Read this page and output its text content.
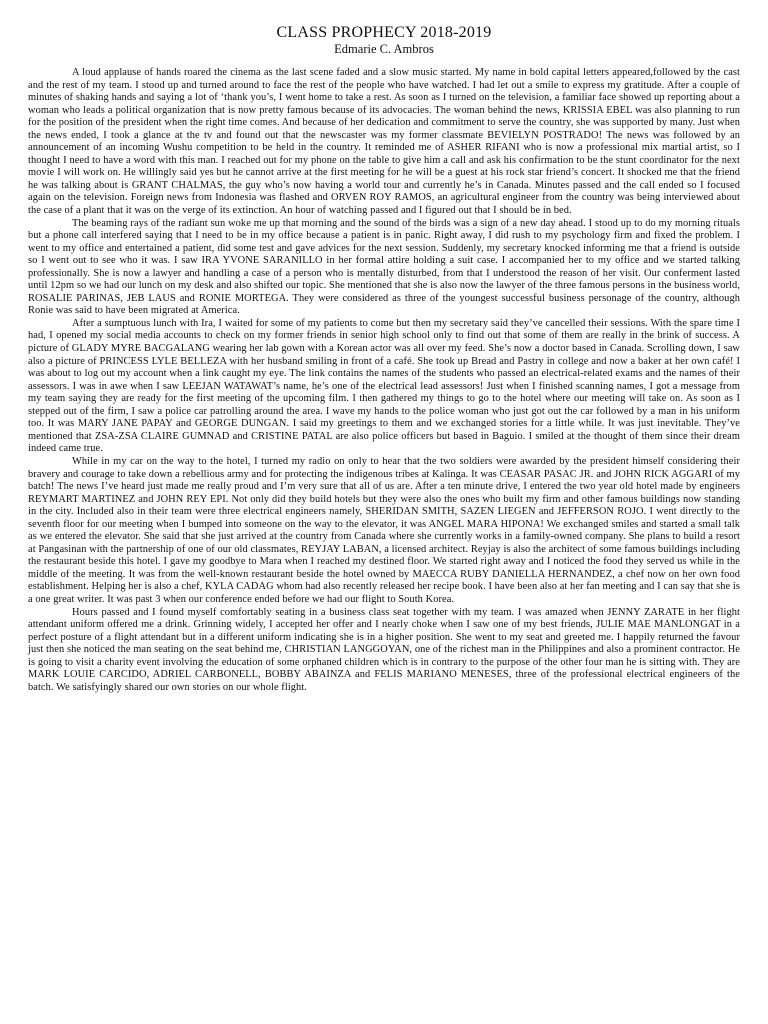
CLASS PROPHECY 2018-2019
Edmarie C. Ambros

A loud applause of hands roared the cinema as the last scene faded and a slow music started. My name in bold capital letters appeared,followed by the cast and the rest of my team. I stood up and turned around to face the rest of the people who have watched. I had let out a smile to express my gratitude. After a couple of minutes of shaking hands and saying a lot of ‘thank you’s, I went home to take a rest. As soon as I turned on the television, a familiar face showed up reporting about a woman who leads a political organization that is now pretty famous because of its advocacies. The woman behind the news, KRISSIA EBEL was also planning to run for the position of the president when the right time comes. And because of her dedication and commitment to serve the country, she was supported by many. Just when the news ended, I took a glance at the tv and found out that the newscaster was my former classmate BEVIELYN POSTRADO! The news was followed by an announcement of an incoming Wushu competition to be held in the country. It reminded me of ASHER RIFANI who is now a professional mix martial artist, so I thought I need to have a word with this man. I reached out for my phone on the table to give him a call and ask his confirmation to be the stunt coordinator for the next movie I will work on. He willingly said yes but he cannot arrive at the first meeting for he will be a guest at his rock star friend’s concert. It shocked me that the friend he was talking about is GRANT CHALMAS, the guy who’s now having a world tour and currently he’s in Canada. Minutes passed and the call ended so I focused again on the television. Foreign news from Indonesia was flashed and ORVEN ROY RAMOS, an agricultural engineer from the country was being interviewed about the case of a plant that it was on the verge of its extinction. An hour of watching passed and I figured out that I should be in bed.

The beaming rays of the radiant sun woke me up that morning and the sound of the birds was a sign of a new day ahead. I stood up to do my morning rituals but a phone call interfered saying that I need to be in my office because a patient is in panic. Right away, I did rush to my psychology firm and fixed the problem. I went to my office and entertained a patient, did some test and gave advices for the next session. Suddenly, my secretary knocked informing me that a friend is outside so I went out to see who it was. I saw IRA YVONE SARANILLO in her formal attire holding a suit case. I accompanied her to my office and we started talking professionally. She is now a lawyer and handling a case of a person who is mentally disturbed, from that I understood the reason of her visit. Our conferment lasted until 12pm so we had our lunch on my desk and also shifted our topic. She mentioned that she is also now the lawyer of the three famous persons in the business world, ROSALIE PARINAS, JEB LAUS and RONIE MORTEGA. They were considered as three of the youngest successful business personage of the country, although Ronie was said to have been migrated at America.

After a sumptuous lunch with Ira, I waited for some of my patients to come but then my secretary said they’ve cancelled their sessions. With the spare time I had, I opened my social media accounts to check on my former friends in senior high school only to find out that some of them are really in the brink of success. A picture of GLADY MYRE BACGALANG wearing her lab gown with a Korean actor was all over my feed. She’s now a doctor based in Canada. Scrolling down, I saw also a picture of PRINCESS LYLE BELLEZA with her husband smiling in front of a café. She took up Bread and Pastry in college and now a baker at her own café! I was about to log out my account when a link caught my eye. The link contains the names of the students who passed an electrical-related exams and the names of their assessors. I was in awe when I saw LEEJAN WATAWAT’s name, he’s one of the electrical lead assessors! Just when I finished scanning names, I got a message from my team saying they are ready for the first meeting of the upcoming film. I then gathered my things to go to the hotel where our meeting will take on. As soon as I stepped out of the firm, I saw a police car patrolling around the area. I wave my hands to the police woman who just got out the car followed by a man in his uniform too. It was MARY JANE PAPAY and GEORGE DUNGAN. I said my greetings to them and we exchanged stories for a little while. It was just inevitable. They’ve mentioned that ZSA-ZSA CLAIRE GUMNAD and CRISTINE PATAL are also police officers but based in Baguio. I smiled at the thought of them since their dream indeed came true.

While in my car on the way to the hotel, I turned my radio on only to hear that the two soldiers were awarded by the president himself considering their bravery and courage to take down a rebellious army and for protecting the indigenous tribes at Kalinga. It was CEASAR PASAC JR. and JOHN RICK AGGARI of my batch! The news I’ve heard just made me really proud and I’m very sure that all of us are. After a ten minute drive, I entered the two year old hotel made by engineers REYMART MARTINEZ and JOHN REY EPI. Not only did they build hotels but they were also the ones who built my firm and other famous buildings now standing in the city. Included also in their team were three electrical engineers namely, SHERIDAN SMITH, SAZEN LIEGEN and JEFFERSON ROJO. I went directly to the seventh floor for our meeting when I bumped into someone on the way to the elevator, it was ANGEL MARA HIPONA! We exchanged smiles and started a small talk as we entered the elevator. She said that she just arrived at the country from Canada where she currently works in a family-owned company. She plans to build a resort at Pangasinan with the partnership of one of our old classmates, REYJAY LABAN, a licensed architect. Reyjay is also the architect of some famous buildings including the restaurant beside this hotel. I gave my goodbye to Mara when I reached my destined floor. We started right away and I noticed the food they served us while in the middle of the meeting. It was from the well-known restaurant beside the hotel owned by MAECCA RUBY DANIELLA HERNANDEZ, a chef now on her own food establishment. Helping her is also a chef, KYLA CADAG whom had also recently released her recipe book. I have been also at her fan meeting and I can say that she is a one great writer. It was past 3 when our conference ended before we had our flight to South Korea.

Hours passed and I found myself comfortably seating in a business class seat together with my team. I was amazed when JENNY ZARATE in her flight attendant uniform offered me a drink. Grinning widely, I accepted her offer and I nearly choke when I saw one of my best friends, JULIE MAE MANLONGAT in a perfect posture of a flight attendant but in a different uniform indicating she is in a higher position. She went to my seat and greeted me. I happily returned the favour just then she noticed the man seating on the seat behind me, CHRISTIAN LANGGOYAN, one of the richest man in the Philippines and also a prominent contractor. He is going to visit a charity event involving the education of some orphaned children which is in contrary to the purpose of the other four man he is sitting with. They are MARK LOUIE CARCIDO, ADRIEL CARBONELL, BOBBY ABAINZA and FELIS MARIANO MENESES, three of the professional electrical engineers of the batch. We satisfyingly shared our own stories on our whole flight.
